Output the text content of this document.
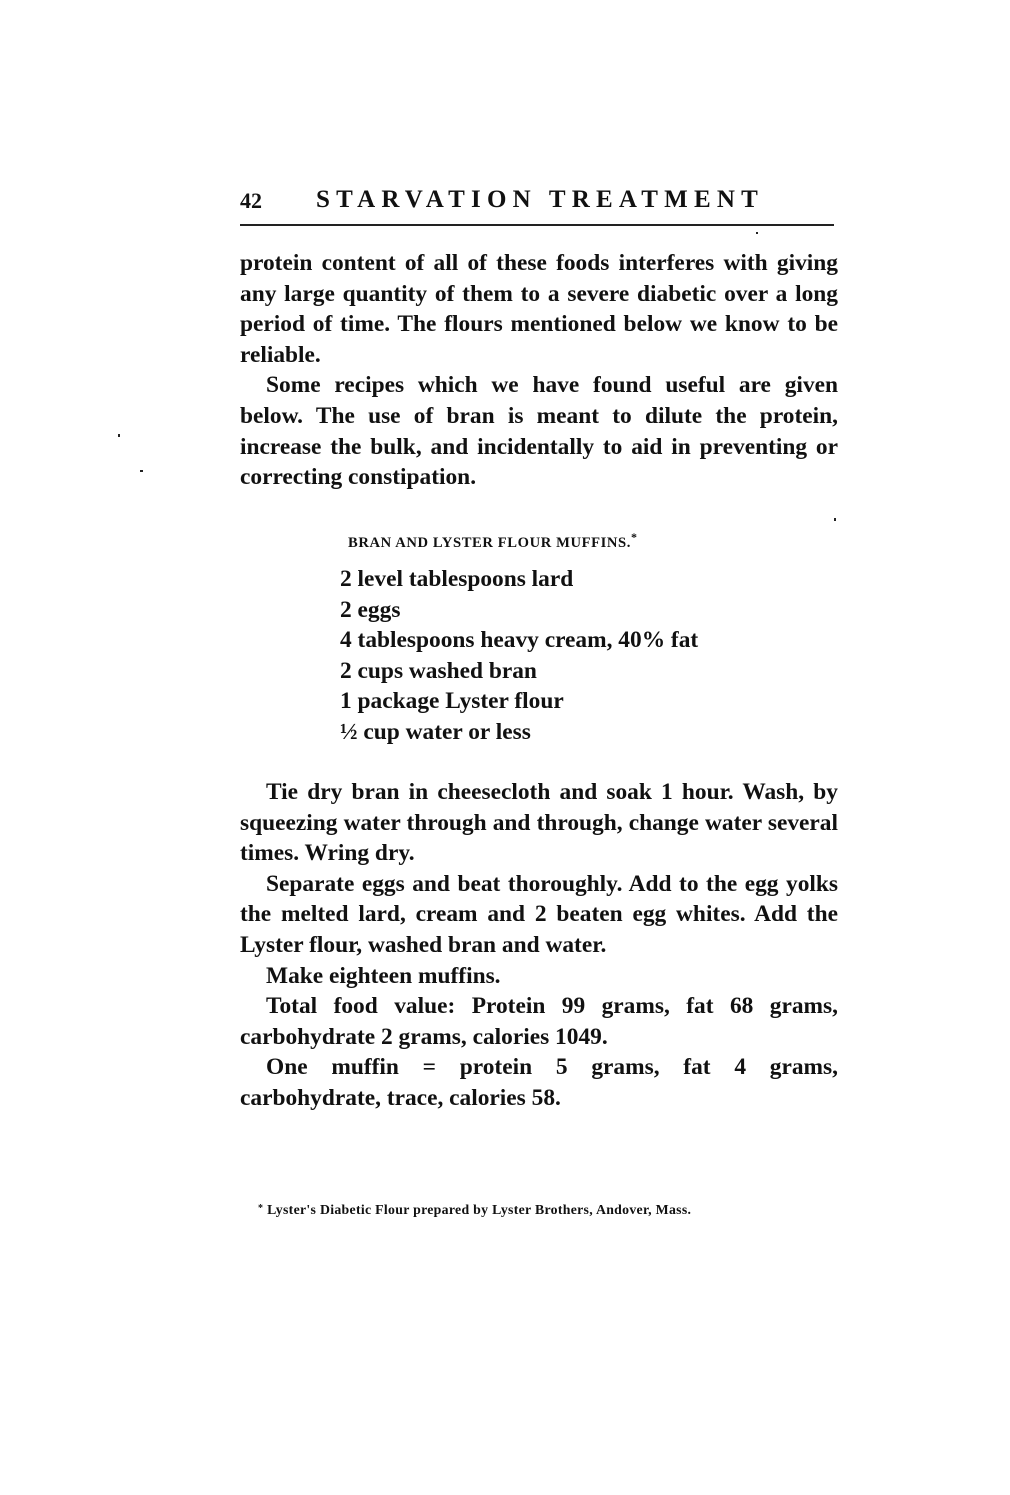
42 STARVATION TREATMENT

protein content of all of these foods interferes with giving any large quantity of them to a severe diabetic over a long period of time. The flours mentioned below we know to be reliable.

Some recipes which we have found useful are given below. The use of bran is meant to dilute the protein, increase the bulk, and incidentally to aid in preventing or correcting constipation.

BRAN AND LYSTER FLOUR MUFFINS.*
2 level tablespoons lard
2 eggs
4 tablespoons heavy cream, 40% fat
2 cups washed bran
1 package Lyster flour
½ cup water or less

Tie dry bran in cheesecloth and soak 1 hour. Wash, by squeezing water through and through, change water several times. Wring dry.

Separate eggs and beat thoroughly. Add to the egg yolks the melted lard, cream and 2 beaten egg whites. Add the Lyster flour, washed bran and water.

Make eighteen muffins.

Total food value: Protein 99 grams, fat 68 grams, carbohydrate 2 grams, calories 1049.

One muffin = protein 5 grams, fat 4 grams, carbohydrate, trace, calories 58.

* Lyster's Diabetic Flour prepared by Lyster Brothers, Andover, Mass.
